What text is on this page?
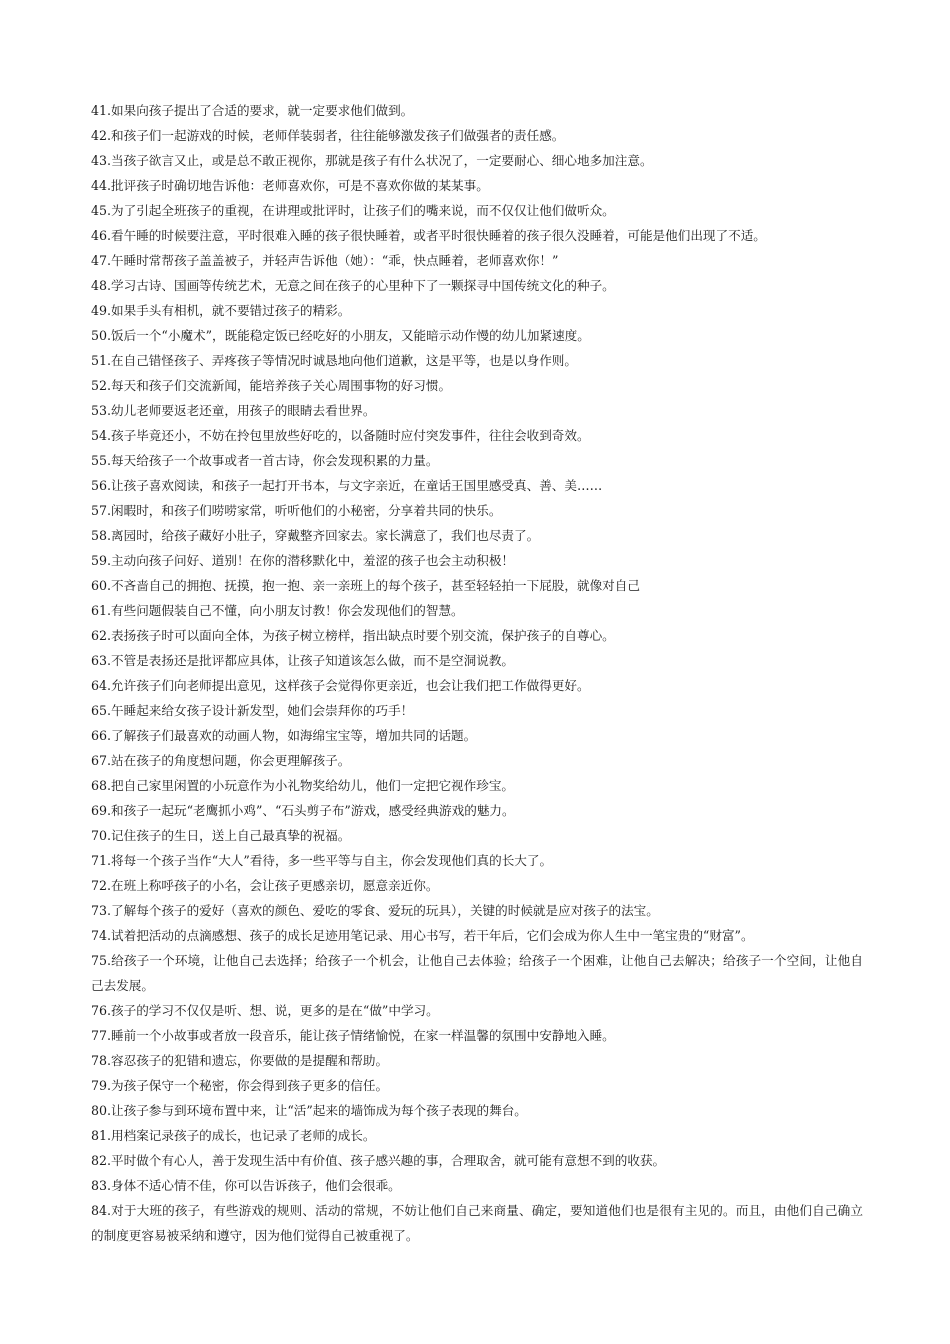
41.如果向孩子提出了合适的要求，就一定要求他们做到。

42.和孩子们一起游戏的时候，老师佯装弱者，往往能够激发孩子们做强者的责任感。

43.当孩子欲言又止，或是总不敢正视你，那就是孩子有什么状况了，一定要耐心、细心地多加注意。

44.批评孩子时确切地告诉他：老师喜欢你，可是不喜欢你做的某某事。

45.为了引起全班孩子的重视，在讲理或批评时，让孩子们的嘴来说，而不仅仅让他们做听众。

46.看午睡的时候要注意，平时很难入睡的孩子很快睡着，或者平时很快睡着的孩子很久没睡着，可能是他们出现了不适。

47.午睡时常帮孩子盖盖被子，并轻声告诉他（她）：“乖，快点睡着，老师喜欢你！”

48.学习古诗、国画等传统艺术，无意之间在孩子的心里种下了一颗探寻中国传统文化的种子。

49.如果手头有相机，就不要错过孩子的精彩。

50.饭后一个“小魔术”，既能稳定饭已经吃好的小朋友，又能暗示动作慢的幼儿加紧速度。

51.在自己错怪孩子、弄疼孩子等情况时诚恳地向他们道歉，这是平等，也是以身作则。

52.每天和孩子们交流新闻，能培养孩子关心周围事物的好习惯。

53.幼儿老师要返老还童，用孩子的眼睛去看世界。

54.孩子毕竟还小，不妨在拎包里放些好吃的，以备随时应付突发事件，往往会收到奇效。

55.每天给孩子一个故事或者一首古诗，你会发现积累的力量。

56.让孩子喜欢阅读，和孩子一起打开书本，与文字亲近，在童话王国里感受真、善、美……

57.闲暇时，和孩子们唠唠家常，听听他们的小秘密，分享着共同的快乐。

58.离园时，给孩子藏好小肚子，穿戴整齐回家去。家长满意了，我们也尽责了。

59.主动向孩子问好、道别！在你的潜移默化中，羞涩的孩子也会主动积极！

60.不吝啬自己的拥抱、抚摸，抱一抱、亲一亲班上的每个孩子，甚至轻轻拍一下屁股，就像对自己

61.有些问题假装自己不懂，向小朋友讨教！你会发现他们的智慧。

62.表扬孩子时可以面向全体，为孩子树立榜样，指出缺点时要个别交流，保护孩子的自尊心。

63.不管是表扬还是批评都应具体，让孩子知道该怎么做，而不是空洞说教。

64.允许孩子们向老师提出意见，这样孩子会觉得你更亲近，也会让我们把工作做得更好。

65.午睡起来给女孩子设计新发型，她们会崇拜你的巧手！

66.了解孩子们最喜欢的动画人物，如海绵宝宝等，增加共同的话题。

67.站在孩子的角度想问题，你会更理解孩子。

68.把自己家里闲置的小玩意作为小礼物奖给幼儿，他们一定把它视作珍宝。

69.和孩子一起玩“老鹰抓小鸡”、“石头剪子布”游戏，感受经典游戏的魅力。

70.记住孩子的生日，送上自己最真挚的祝福。

71.将每一个孩子当作“大人”看待，多一些平等与自主，你会发现他们真的长大了。

72.在班上称呼孩子的小名，会让孩子更感亲切，愿意亲近你。

73.了解每个孩子的爱好（喜欢的颜色、爱吃的零食、爱玩的玩具），关键的时候就是应对孩子的法宝。

74.试着把活动的点滴感想、孩子的成长足迹用笔记录、用心书写，若干年后，它们会成为你人生中一笔宝贵的“财富”。

75.给孩子一个环境，让他自己去选择；给孩子一个机会，让他自己去体验；给孩子一个困难，让他自己去解决；给孩子一个空间，让他自己去发展。

76.孩子的学习不仅仅是听、想、说，更多的是在“做”中学习。

77.睡前一个小故事或者放一段音乐，能让孩子情绪愉悦，在家一样温馨的氛围中安静地入睡。

78.容忍孩子的犯错和遗忘，你要做的是提醒和帮助。

79.为孩子保守一个秘密，你会得到孩子更多的信任。

80.让孩子参与到环境布置中来，让“活”起来的墙饰成为每个孩子表现的舞台。

81.用档案记录孩子的成长，也记录了老师的成长。

82.平时做个有心人，善于发现生活中有价值、孩子感兴趣的事，合理取舍，就可能有意想不到的收获。

83.身体不适心情不佳，你可以告诉孩子，他们会很乖。

84.对于大班的孩子，有些游戏的规则、活动的常规，不妨让他们自己来商量、确定，要知道他们也是很有主见的。而且，由他们自己确立的制度更容易被采纳和遵守，因为他们觉得自己被重视了。
